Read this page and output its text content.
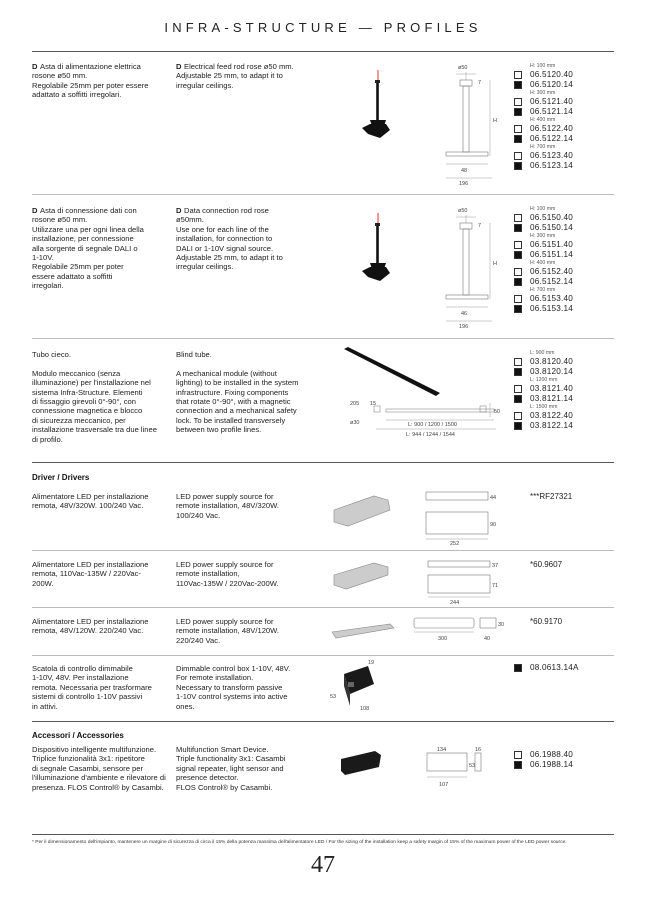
INFRA-STRUCTURE — PROFILES
D Asta di alimentazione elettrica
rosone ø50 mm.
Regolabile 25mm per poter essere
adattato a soffitti irregolari.
D Electrical feed rod rose ø50 mm.
Adjustable 25 mm, to adapt it to
irregular ceilings.
ø50
7
H
48
196
H: 100 mm
06.5120.40
06.5120.14
H: 300 mm
06.5121.40
06.5121.14
H: 400 mm
06.5122.40
06.5122.14
H: 700 mm
06.5123.40
06.5123.14
D Asta di connessione dati con
rosone ø50 mm.
Utilizzare una per ogni linea della
installazione, per connessione
alla sorgente di segnale DALI o
1-10V.
Regolabile 25mm per poter
essere adattato a soffitti
irregolari.
D Data connection rod rose
ø50mm.
Use one for each line of the
installation, for connection to
DALI or 1-10V signal source.
Adjustable 25 mm, to adapt it to
irregular ceilings.
ø50
7
H
46
196
H: 100 mm
06.5150.40
06.5150.14
H: 300 mm
06.5151.40
06.5151.14
H: 400 mm
06.5152.40
06.5152.14
H: 700 mm
06.5153.40
06.5153.14
Tubo cieco.

Modulo meccanico (senza
illuminazione) per l'installazione nel
sistema Infra-Structure. Elementi
di fissaggio girevoli 0°-90°, con
connessione magnetica e blocco
di sicurezza meccanico, per
installazione trasversale tra due linee
di profilo.
Blind tube.

A mechanical module (without
lighting) to be installed in the system
infrastructure. Fixing components
that rotate 0°-90°, with a magnetic
connection and a mechanical safety
lock. To be installed transversely
between two profile lines.
205 15
ø30
50
L: 900 / 1200 / 1500
L: 944 / 1244 / 1544
L: 900 mm
03.8120.40
03.8120.14
L: 1200 mm
03.8121.40
03.8121.14
L: 1500 mm
03.8122.40
03.8122.14
Driver / Drivers
Alimentatore LED per installazione
remota, 48V/320W. 100/240 Vac.
LED power supply source for
remote installation, 48V/320W.
100/240 Vac.
44
252
90
***RF27321
Alimentatore LED per installazione
remota, 110Vac-135W / 220Vac-
200W.
LED power supply source for
remote installation,
110Vac-135W / 220Vac-200W.
37
244
71
*60.9607
Alimentatore LED per installazione
remota, 48V/120W. 220/240 Vac.
LED power supply source for
remote installation, 48V/120W.
220/240 Vac.	300	40
30	*60.9170
Scatola di controllo dimmabile
1-10V, 48V. Per installazione
remota. Necessaria per trasformare
sistemi di controllo 1-10V passivi
in attivi.
Dimmable control box 1-10V, 48V.
For remote installation.
Necessary to transform passive
1-10V control systems into active
ones.
19
53
108
08.0613.14A
Accessori / Accessories
Dispositivo intelligente multifunzione.
Triplice funzionalità 3x1: ripetitore
di segnale Casambi, sensore per
l'illuminazione d'ambiente e rilevatore di
presenza. FLOS Control® by Casambi.
Multifunction Smart Device.
Triple functionality 3x1: Casambi
signal repeater, light sensor and
presence detector.
FLOS Control® by Casambi.
134	16
53
107
06.1988.40
06.1988.14
* Per il dimensionamento dell'impianto, mantenere un margine di sicurezza di circa il 15% della potenza massima dell'alimentatore LED / For the sizing of the installation keep a safety margin of 15% of the maximum power of the LED power source.
47
